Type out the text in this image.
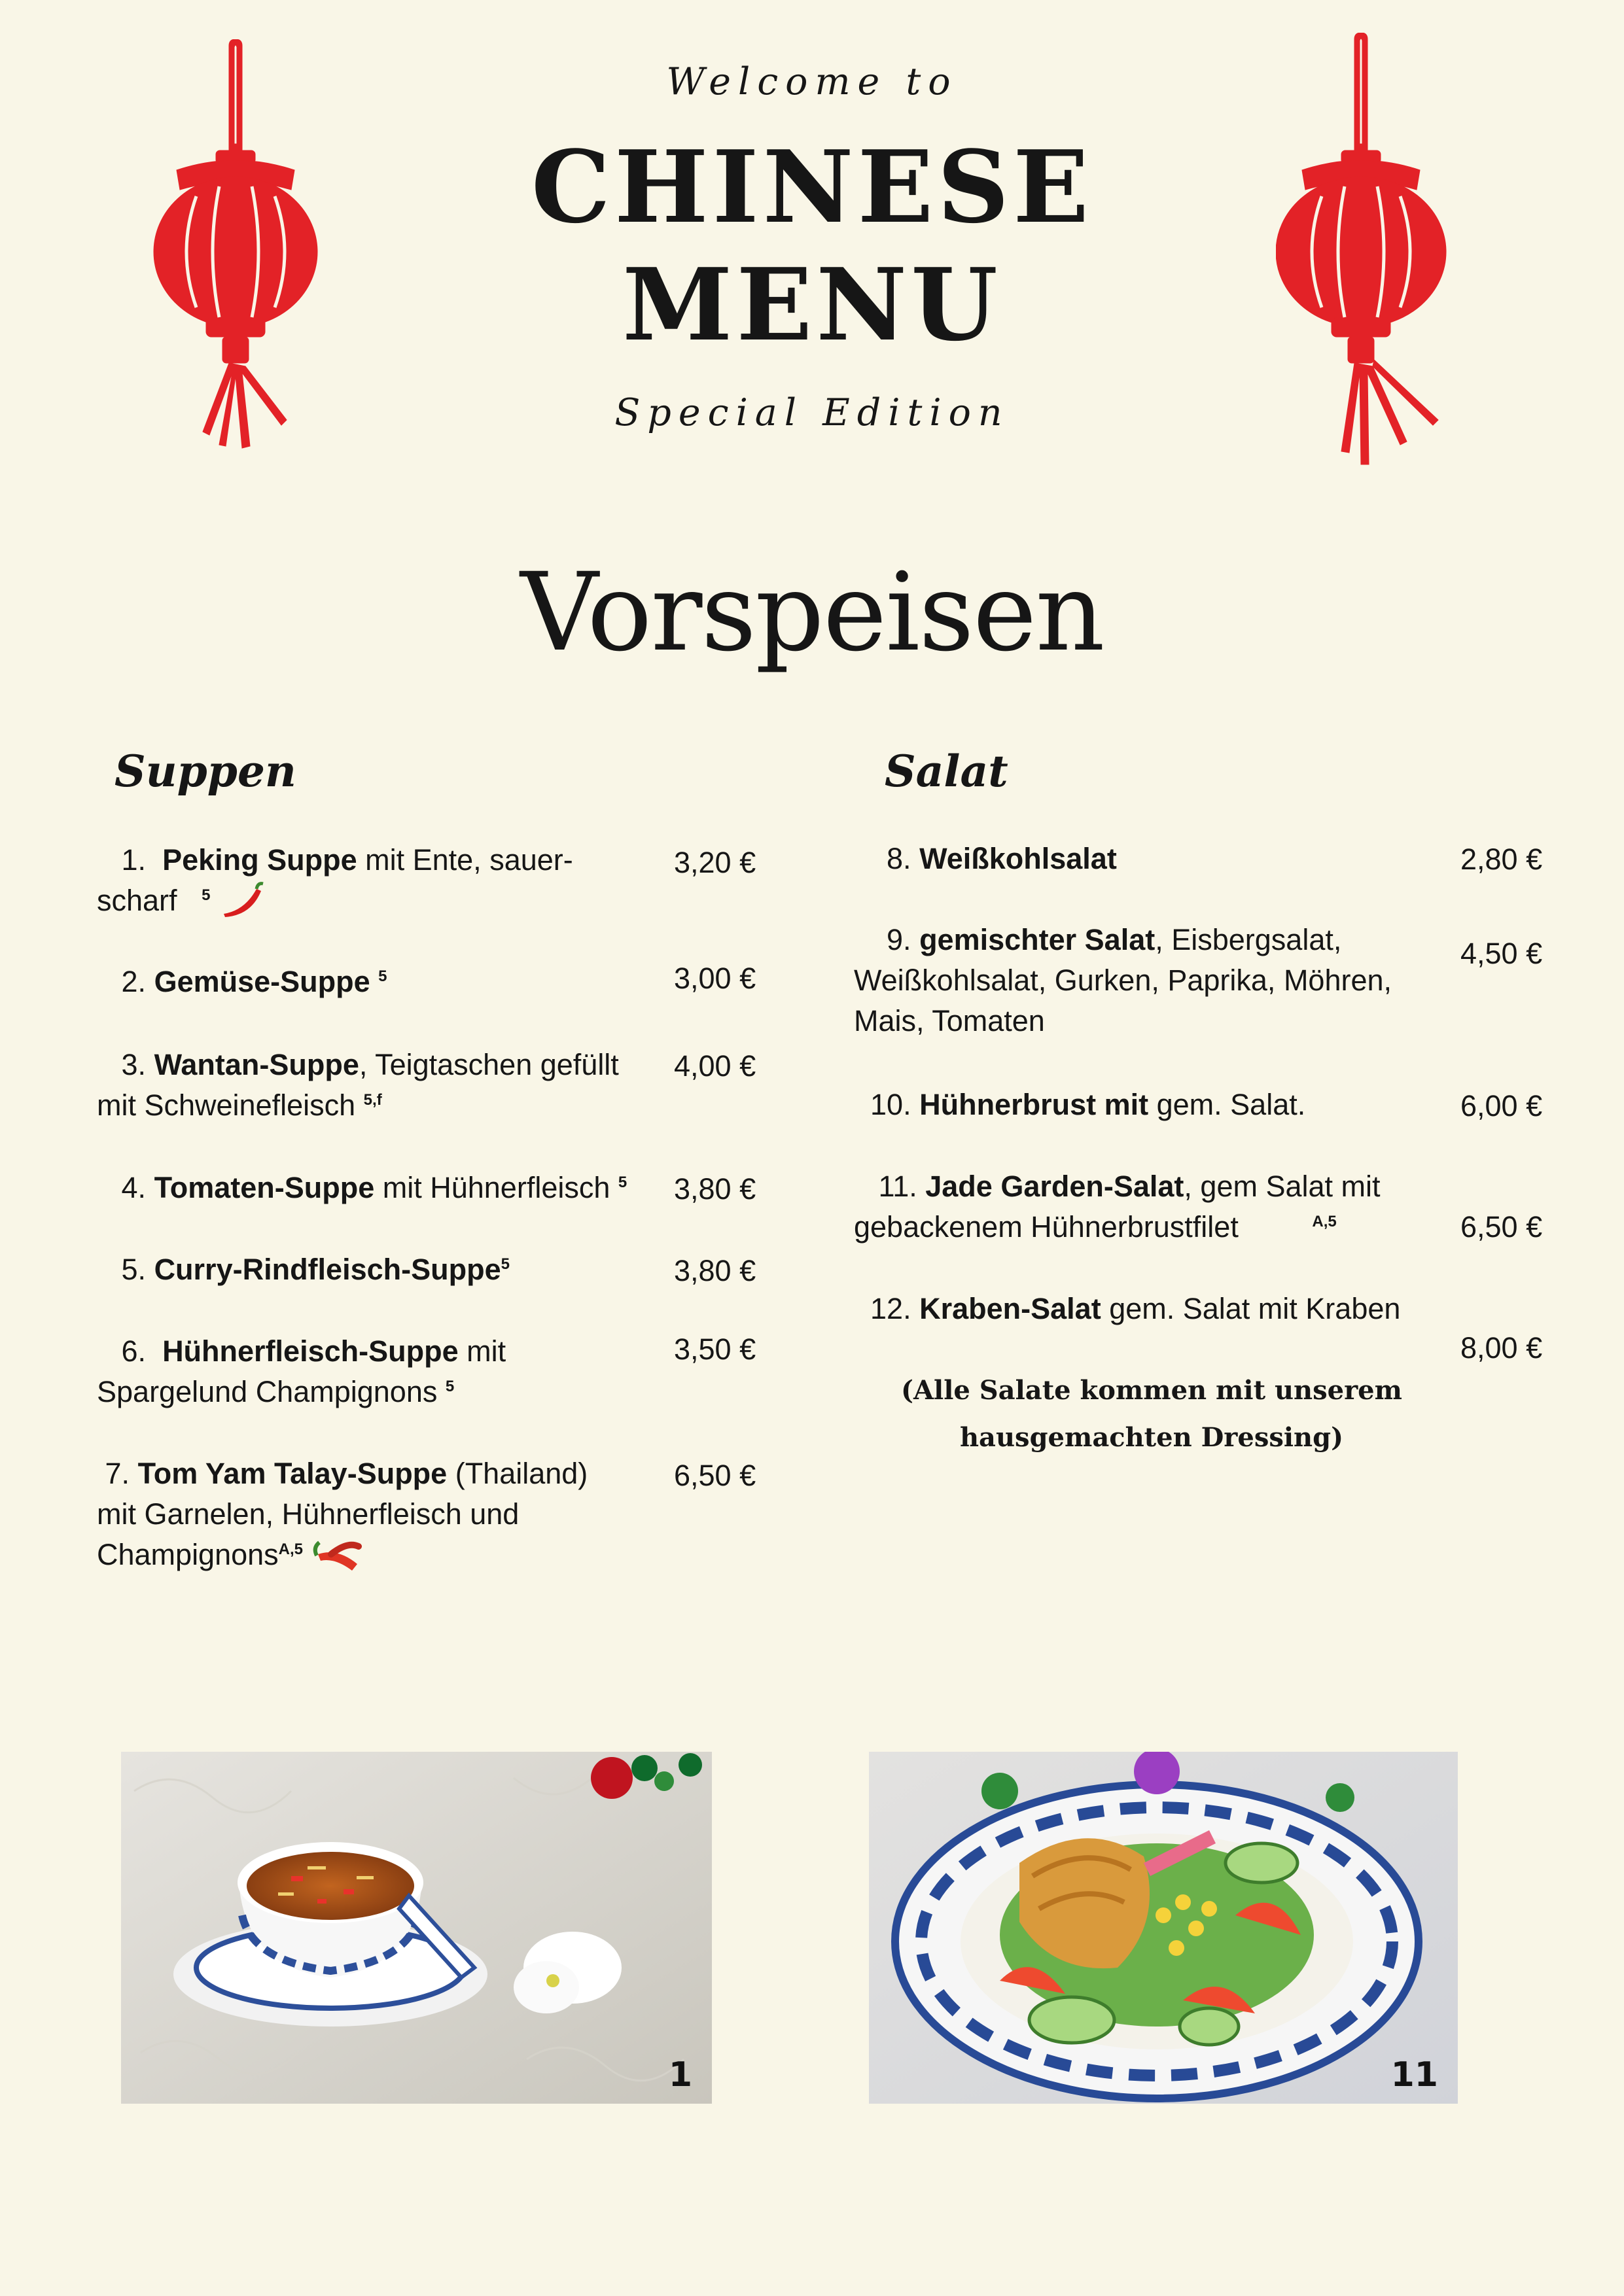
Welcome to
CHINESE
MENU
Special Edition
Vorspeisen
Suppen
1. Peking Suppe mit Ente, sauer-
scharf $^5$
3,20 €
2. Gemüse-Suppe $^5$	3,00 €
3. Wantan-Suppe, Teigtaschen gefüllt
mit Schweinefleisch $^{5,f}$
4,00 €
4. Tomaten-Suppe mit Hühnerfleisch $^5$	3,80 €
5. Curry-Rindfleisch-Suppe$^5$	3,80 €
6. Hühnerfleisch-Suppe mit
Spargelund Champignons $^5$
3,50 €
7. Tom Yam Talay-Suppe (Thailand)
mit Garnelen, Hühnerfleisch und
Champignons$^{A,5}$
6,50 €
Salat
8. Weißkohlsalat	2,80 €
9. gemischter Salat, Eisbergsalat,
Weißkohlsalat, Gurken, Paprika, Möhren,
Mais, Tomaten
4,50 €
10. Hühnerbrust mit gem. Salat.	6,00 €
11. Jade Garden-Salat, gem Salat mit
gebackenem Hühnerbrustfilet	$^{A,5}$	6,50 €
12. Kraben-Salat gem. Salat mit Kraben
8,00 €
(Alle Salate kommen mit unserem
hausgemachten Dressing)
1	11
